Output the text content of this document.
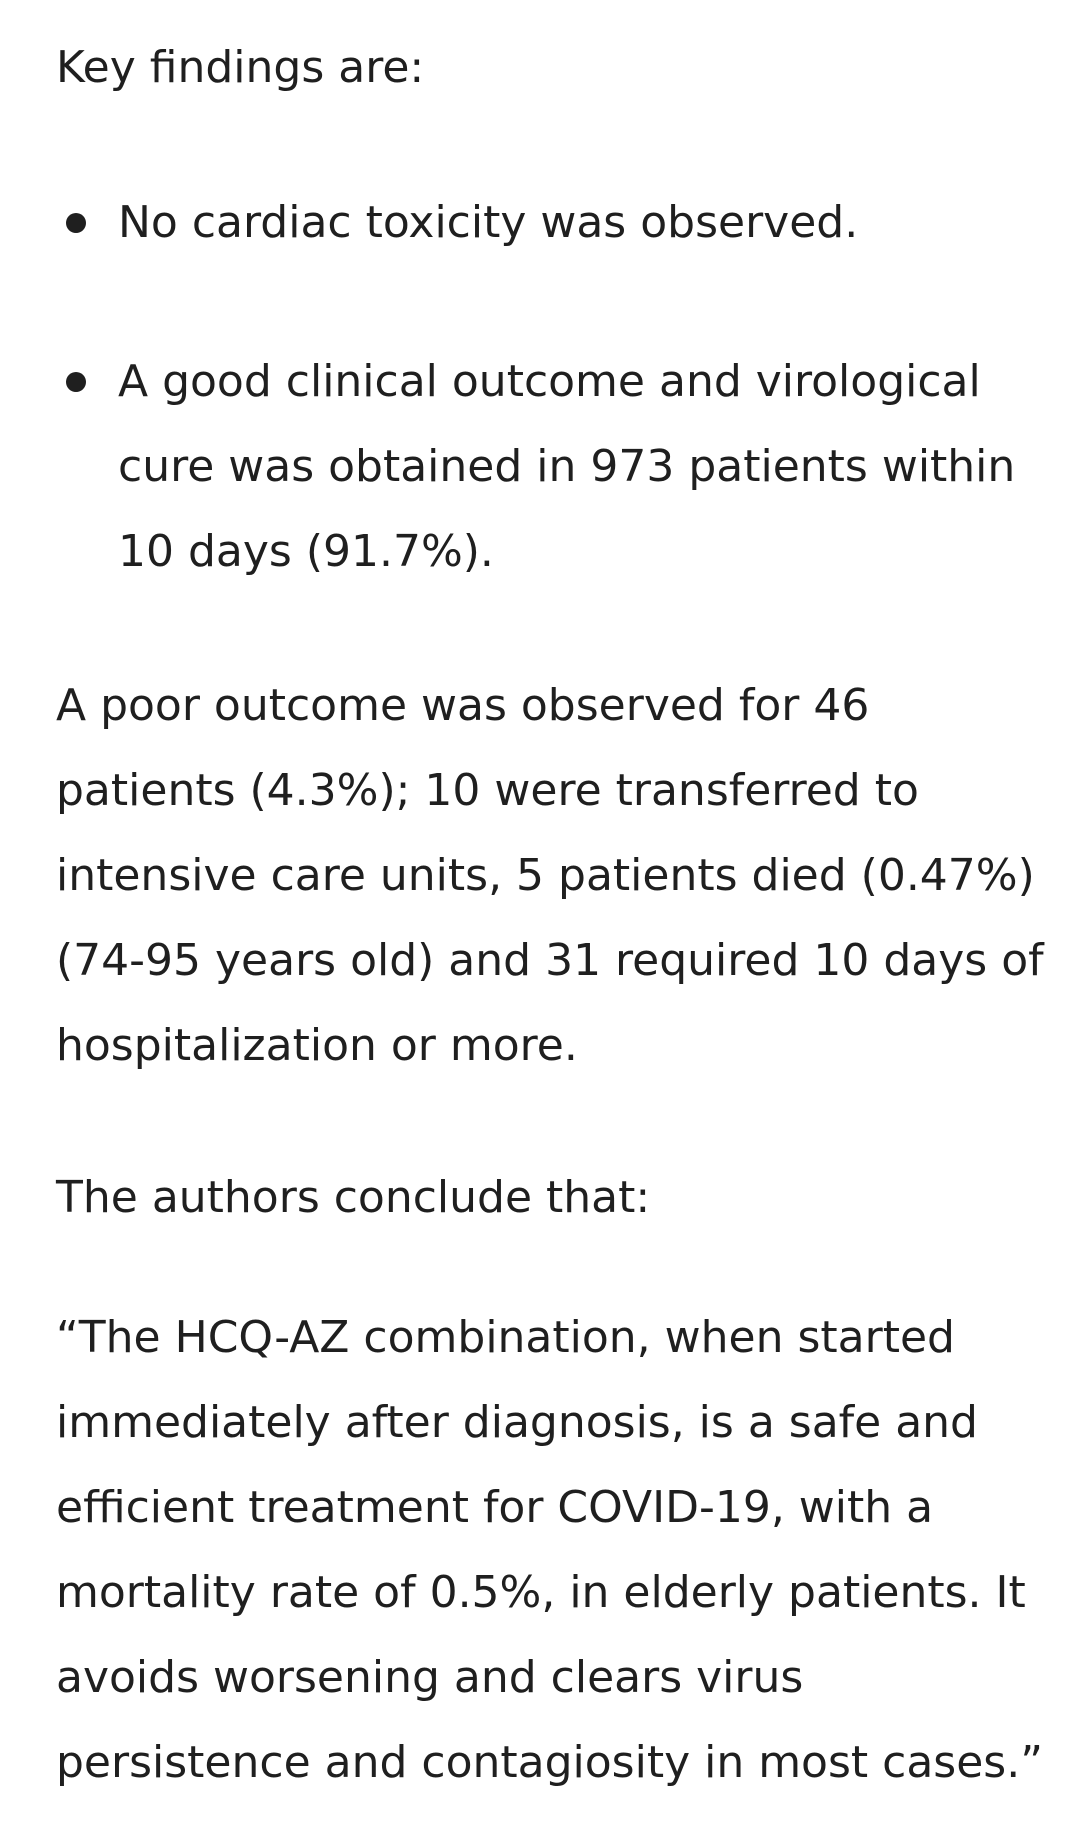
Key findings are:

No cardiac toxicity was observed.
A good clinical outcome and virological cure was obtained in 973 patients within 10 days (91.7%).

A poor outcome was observed for 46 patients (4.3%); 10 were transferred to intensive care units, 5 patients died (0.47%) (74-95 years old) and 31 required 10 days of hospitalization or more.

The authors conclude that:

“The HCQ-AZ combination, when started immediately after diagnosis, is a safe and efficient treatment for COVID-19, with a mortality rate of 0.5%, in elderly patients. It avoids worsening and clears virus persistence and contagiosity in most cases.”
